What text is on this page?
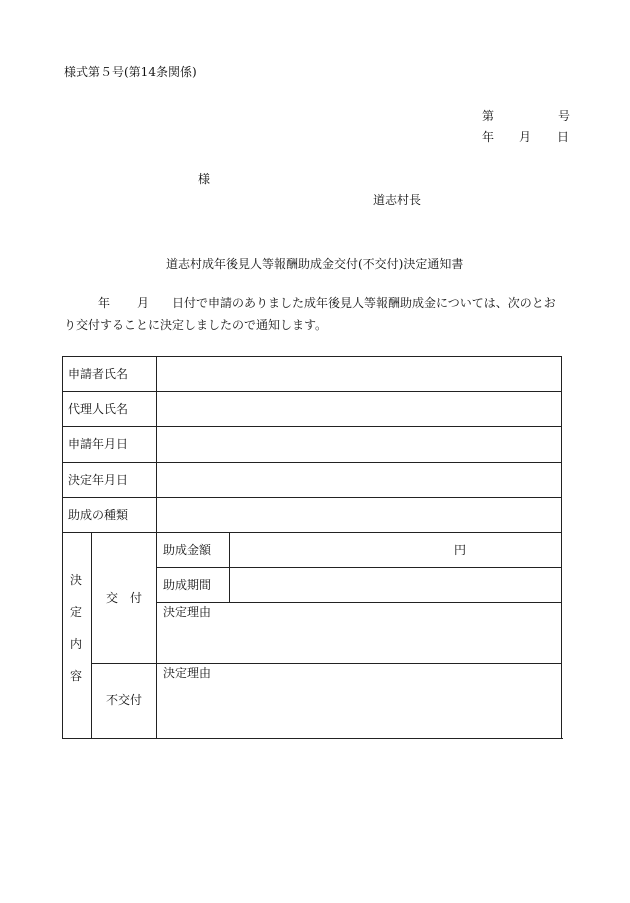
様式第５号(第14条関係)
第	号
年 月 日
様
道志村長
道志村成年後見人等報酬助成金交付(不交付)決定通知書
年 月 日付で申請のありました成年後見人等報酬助成金については、次のとお
り交付することに決定しましたので通知します。
申請者氏名
代理人氏名
申請年月日
決定年月日
助成の種類
決
定
内
容
交　付
助成金額	円
助成期間
決定理由
不交付
決定理由
